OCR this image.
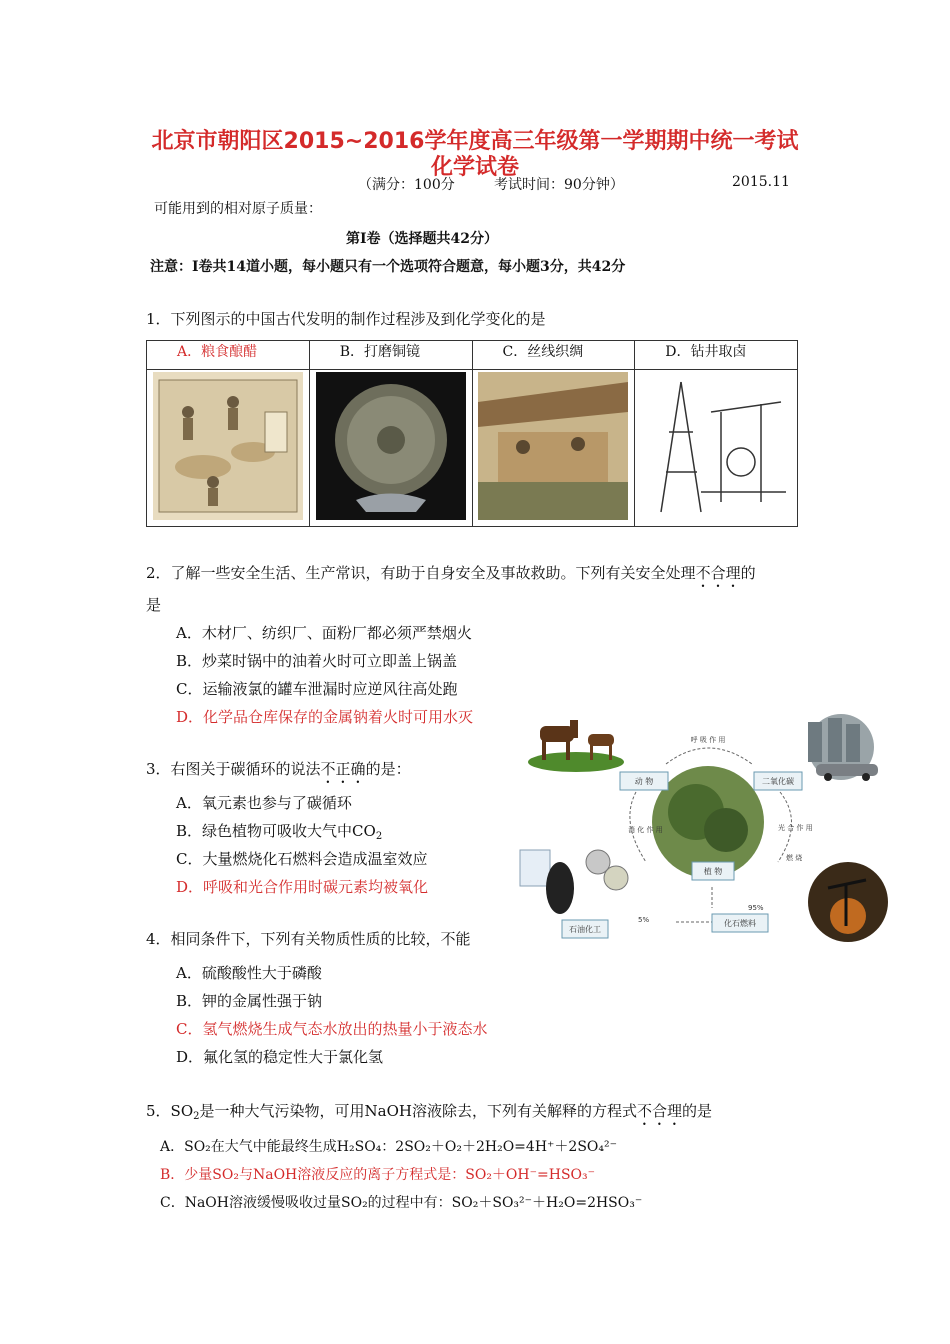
北京市朝阳区2015~2016学年度高三年级第一学期期中统一考试
化学试卷
（满分：100分	考试时间：90分钟）	2015.11
可能用到的相对原子质量：
第Ⅰ卷（选择题共42分）
注意：Ⅰ卷共14道小题，每小题只有一个选项符合题意，每小题3分，共42分
1．下列图示的中国古代发明的制作过程涉及到化学变化的是
A．粮食酿醋	B．打磨铜镜	C．丝线织绸	D．钻井取卤

2．了解一些安全生活、生产常识，有助于自身安全及事故救助。下列有关安全处理不合理的
是
A．木材厂、纺织厂、面粉厂都必须严禁烟火
B．炒菜时锅中的油着火时可立即盖上锅盖
C．运输液氯的罐车泄漏时应逆风往高处跑
D．化学品仓库保存的金属钠着火时可用水灭
3．右图关于碳循环的说法不正确的是：
A．氧元素也参与了碳循环
B．绿色植物可吸收大气中$CO_2$
C．大量燃烧化石燃料会造成温室效应
D．呼吸和光合作用时碳元素均被氧化
动 物	二氧化碳
植 物
化石燃料
石油化工
呼 吸 作 用
消 化 作 用	光 合 作 用
燃 烧
5%
95%
4．相同条件下，下列有关物质性质的比较，不能
A．硫酸酸性大于磷酸
B．钾的金属性强于钠
C．氢气燃烧生成气态水放出的热量小于液态水
D．氟化氢的稳定性大于氯化氢
5．$SO_2$是一种大气污染物，可用NaOH溶液除去，下列有关解释的方程式不合理的是
A．SO₂在大气中能最终生成H₂SO₄：2SO₂＋O₂＋2H₂O=4H⁺＋2SO₄²⁻
B．少量SO₂与NaOH溶液反应的离子方程式是：SO₂＋OH⁻=HSO₃⁻
C．NaOH溶液缓慢吸收过量SO₂的过程中有：SO₂＋SO₃²⁻＋H₂O=2HSO₃⁻
